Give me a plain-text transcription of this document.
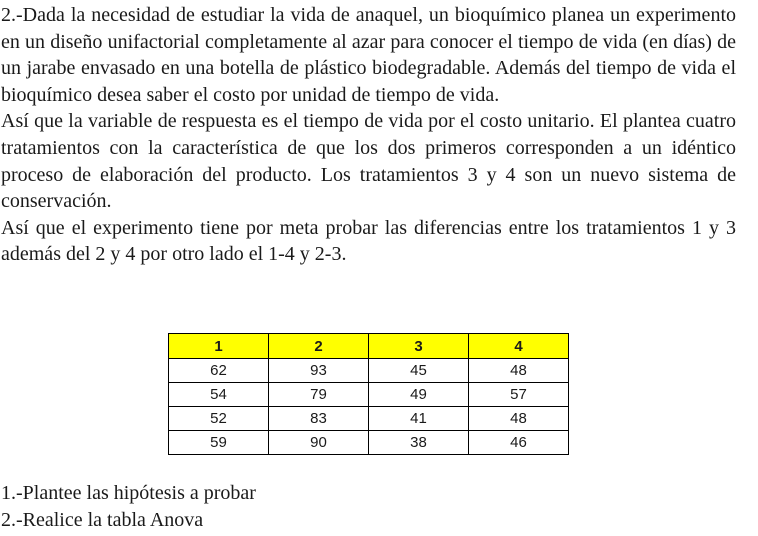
2.-Dada la necesidad de estudiar la vida de anaquel, un bioquímico planea un experimento en un diseño unifactorial completamente al azar para conocer el tiempo de vida (en días) de un jarabe envasado en una botella de plástico biodegradable. Además del tiempo de vida el bioquímico desea saber el costo por unidad de tiempo de vida.

Así que la variable de respuesta es el tiempo de vida por el costo unitario. El plantea cuatro tratamientos con la característica de que los dos primeros corresponden a un idéntico proceso de elaboración del producto. Los tratamientos 3 y 4 son un nuevo sistema de conservación.

Así que el experimento tiene por meta probar las diferencias entre los tratamientos 1 y 3 además del 2 y 4 por otro lado el 1-4 y 2-3.

1	2	3	4
62	93	45	48
54	79	49	57
52	83	41	48
59	90	38	46

1.-Plantee las hipótesis a probar

2.-Realice la tabla Anova
